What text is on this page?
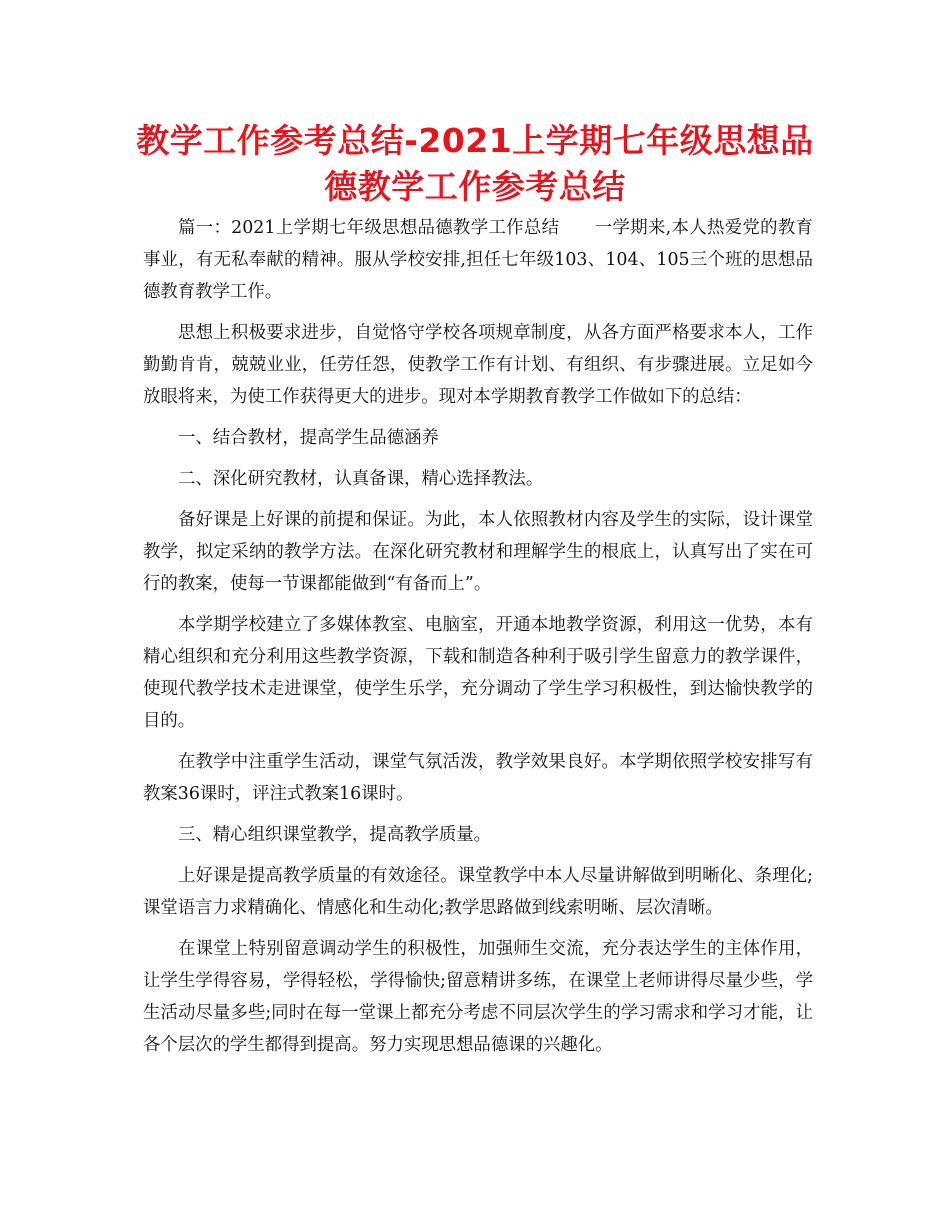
教学工作参考总结-2021上学期七年级思想品德教学工作参考总结

篇一：2021上学期七年级思想品德教学工作总结　　一学期来,本人热爱党的教育事业，有无私奉献的精神。服从学校安排,担任七年级103、104、105三个班的思想品德教育教学工作。

思想上积极要求进步，自觉恪守学校各项规章制度，从各方面严格要求本人，工作勤勤肯肯，兢兢业业，任劳任怨，使教学工作有计划、有组织、有步骤进展。立足如今放眼将来，为使工作获得更大的进步。现对本学期教育教学工作做如下的总结：

一、结合教材，提高学生品德涵养

二、深化研究教材，认真备课，精心选择教法。

备好课是上好课的前提和保证。为此，本人依照教材内容及学生的实际，设计课堂教学，拟定采纳的教学方法。在深化研究教材和理解学生的根底上，认真写出了实在可行的教案，使每一节课都能做到“有备而上”。

本学期学校建立了多媒体教室、电脑室，开通本地教学资源，利用这一优势，本有精心组织和充分利用这些教学资源，下载和制造各种利于吸引学生留意力的教学课件，使现代教学技术走进课堂，使学生乐学，充分调动了学生学习积极性，到达愉快教学的目的。

在教学中注重学生活动，课堂气氛活泼，教学效果良好。本学期依照学校安排写有教案36课时，评注式教案16课时。

三、精心组织课堂教学，提高教学质量。

上好课是提高教学质量的有效途径。课堂教学中本人尽量讲解做到明晰化、条理化;课堂语言力求精确化、情感化和生动化;教学思路做到线索明晰、层次清晰。

在课堂上特别留意调动学生的积极性，加强师生交流，充分表达学生的主体作用，让学生学得容易，学得轻松，学得愉快;留意精讲多练，在课堂上老师讲得尽量少些，学生活动尽量多些;同时在每一堂课上都充分考虑不同层次学生的学习需求和学习才能，让各个层次的学生都得到提高。努力实现思想品德课的兴趣化。
